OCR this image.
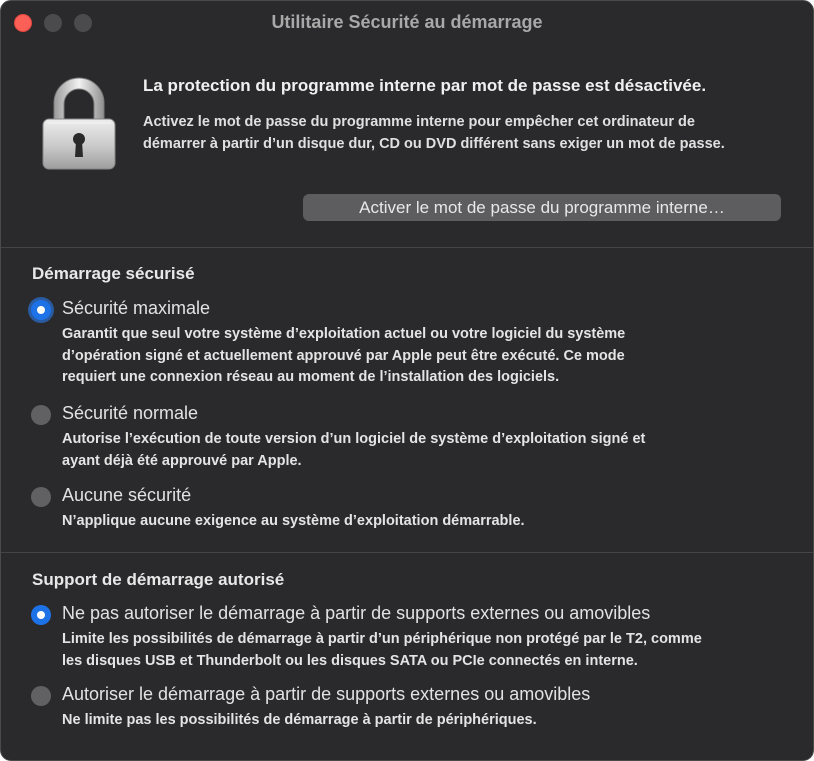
Utilitaire Sécurité au démarrage
La protection du programme interne par mot de passe est désactivée.
Activez le mot de passe du programme interne pour empêcher cet ordinateur de
démarrer à partir d’un disque dur, CD ou DVD différent sans exiger un mot de passe.
Activer le mot de passe du programme interne…
Démarrage sécurisé
Sécurité maximale
Garantit que seul votre système d’exploitation actuel ou votre logiciel du système
d’opération signé et actuellement approuvé par Apple peut être exécuté. Ce mode
requiert une connexion réseau au moment de l’installation des logiciels.
Sécurité normale
Autorise l’exécution de toute version d’un logiciel de système d’exploitation signé et
ayant déjà été approuvé par Apple.
Aucune sécurité
N’applique aucune exigence au système d’exploitation démarrable.
Support de démarrage autorisé
Ne pas autoriser le démarrage à partir de supports externes ou amovibles
Limite les possibilités de démarrage à partir d’un périphérique non protégé par le T2, comme
les disques USB et Thunderbolt ou les disques SATA ou PCIe connectés en interne.
Autoriser le démarrage à partir de supports externes ou amovibles
Ne limite pas les possibilités de démarrage à partir de périphériques.
